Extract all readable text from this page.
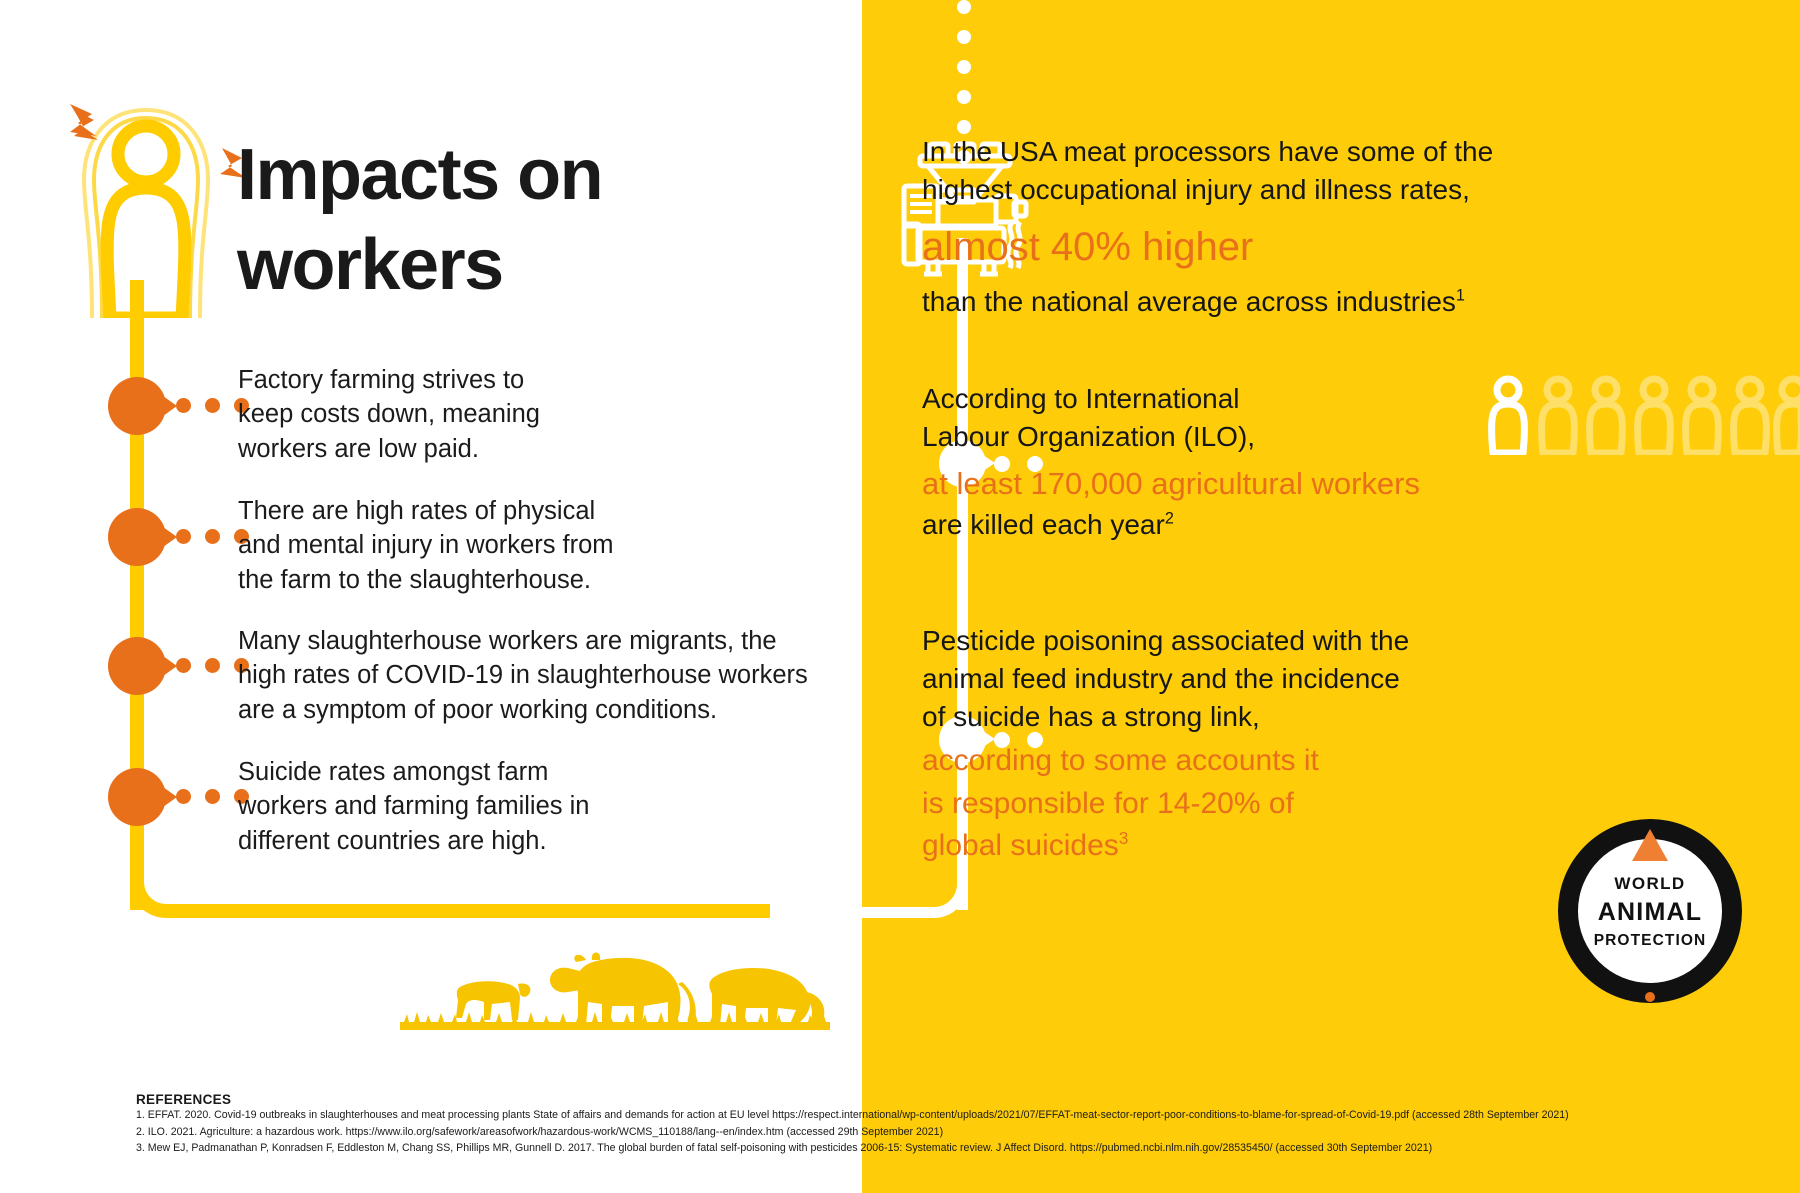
Impacts on
workers
Factory farming strives to
keep costs down, meaning
workers are low paid.
There are high rates of physical
and mental injury in workers from
the farm to the slaughterhouse.
Many slaughterhouse workers are migrants, the
high rates of COVID-19 in slaughterhouse workers
are a symptom of poor working conditions.
Suicide rates amongst farm
workers and farming families in
different countries are high.
In the USA meat processors have some of the
highest occupational injury and illness rates,
almost 40% higher
than the national average across industries$^1$
According to International
Labour Organization (ILO),
at least 170,000 agricultural workers
are killed each year$^2$
Pesticide poisoning associated with the
animal feed industry and the incidence
of suicide has a strong link,
according to some accounts it
is responsible for 14-20% of
global suicides$^3$
WORLD
ANIMAL
PROTECTION
REFERENCES
1. EFFAT. 2020. Covid-19 outbreaks in slaughterhouses and meat processing plants State of affairs and demands for action at EU level https://respect.international/wp-content/uploads/2021/07/EFFAT-meat-sector-report-poor-conditions-to-blame-for-spread-of-Covid-19.pdf (accessed 28th September 2021)
2. ILO. 2021. Agriculture: a hazardous work. https://www.ilo.org/safework/areasofwork/hazardous-work/WCMS_110188/lang--en/index.htm (accessed 29th September 2021)
3. Mew EJ, Padmanathan P, Konradsen F, Eddleston M, Chang SS, Phillips MR, Gunnell D. 2017. The global burden of fatal self-poisoning with pesticides 2006-15: Systematic review. J Affect Disord. https://pubmed.ncbi.nlm.nih.gov/28535450/ (accessed 30th September 2021)
